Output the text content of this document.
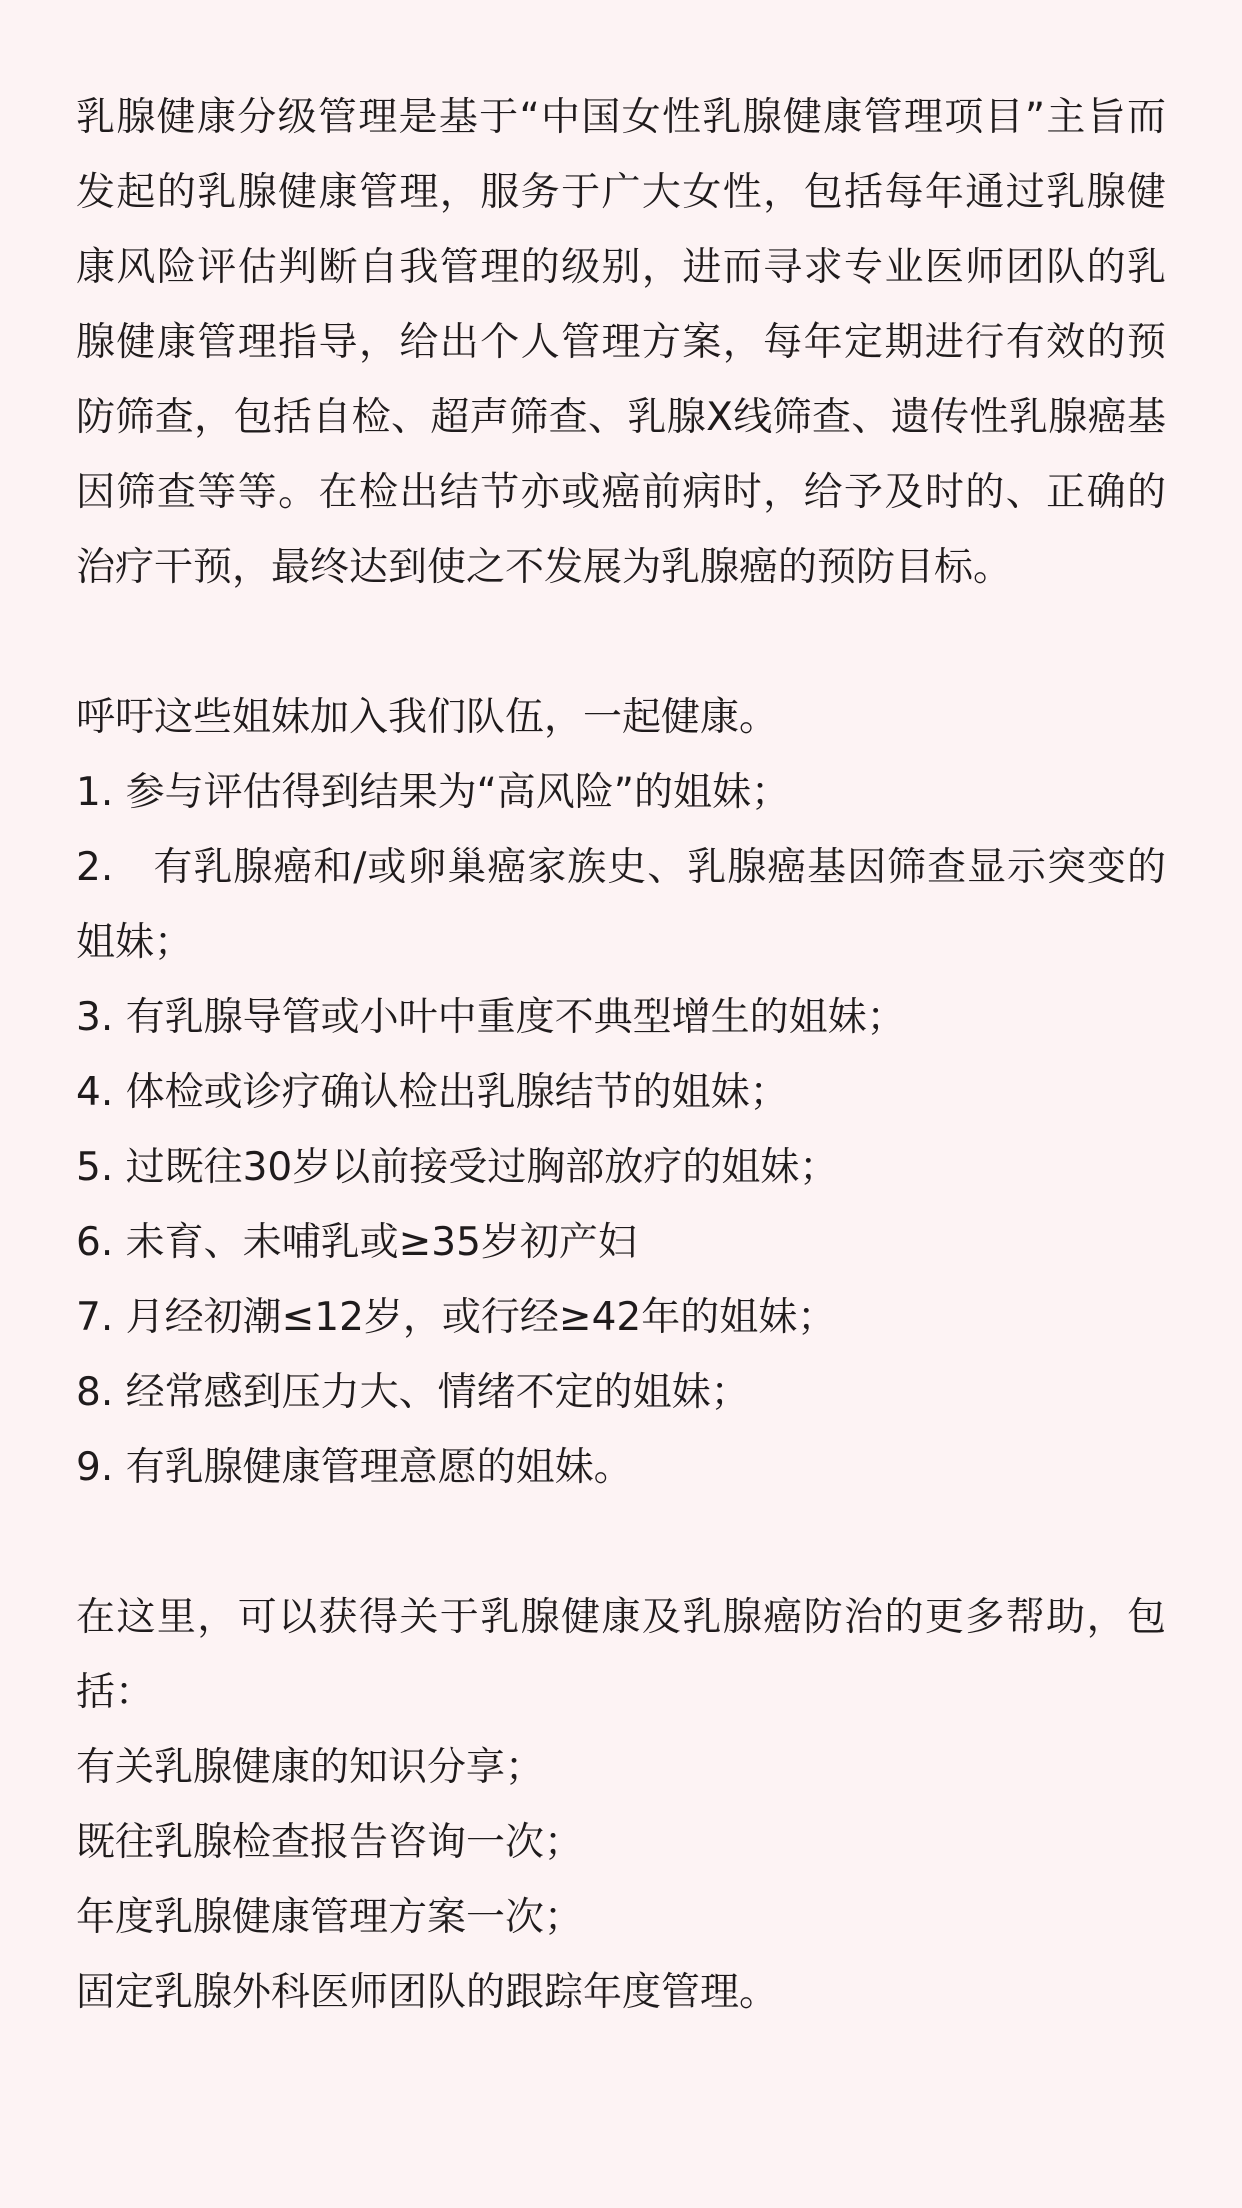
乳腺健康分级管理是基于“中国女性乳腺健康管理项目”主旨而发起的乳腺健康管理，服务于广大女性，包括每年通过乳腺健康风险评估判断自我管理的级别，进而寻求专业医师团队的乳腺健康管理指导，给出个人管理方案，每年定期进行有效的预防筛查，包括自检、超声筛查、乳腺X线筛查、遗传性乳腺癌基因筛查等等。在检出结节亦或癌前病时，给予及时的、正确的治疗干预，最终达到使之不发展为乳腺癌的预防目标。

呼吁这些姐妹加入我们队伍，一起健康。

1. 参与评估得到结果为“高风险”的姐妹；

2.   有乳腺癌和/或卵巢癌家族史、乳腺癌基因筛查显示突变的姐妹；

3. 有乳腺导管或小叶中重度不典型增生的姐妹；

4. 体检或诊疗确认检出乳腺结节的姐妹；

5. 过既往30岁以前接受过胸部放疗的姐妹；

6. 未育、未哺乳或≥35岁初产妇

7. 月经初潮≤12岁，或行经≥42年的姐妹；

8. 经常感到压力大、情绪不定的姐妹；

9. 有乳腺健康管理意愿的姐妹。

在这里，可以获得关于乳腺健康及乳腺癌防治的更多帮助，包括：

有关乳腺健康的知识分享；

既往乳腺检查报告咨询一次；

年度乳腺健康管理方案一次；

固定乳腺外科医师团队的跟踪年度管理。
